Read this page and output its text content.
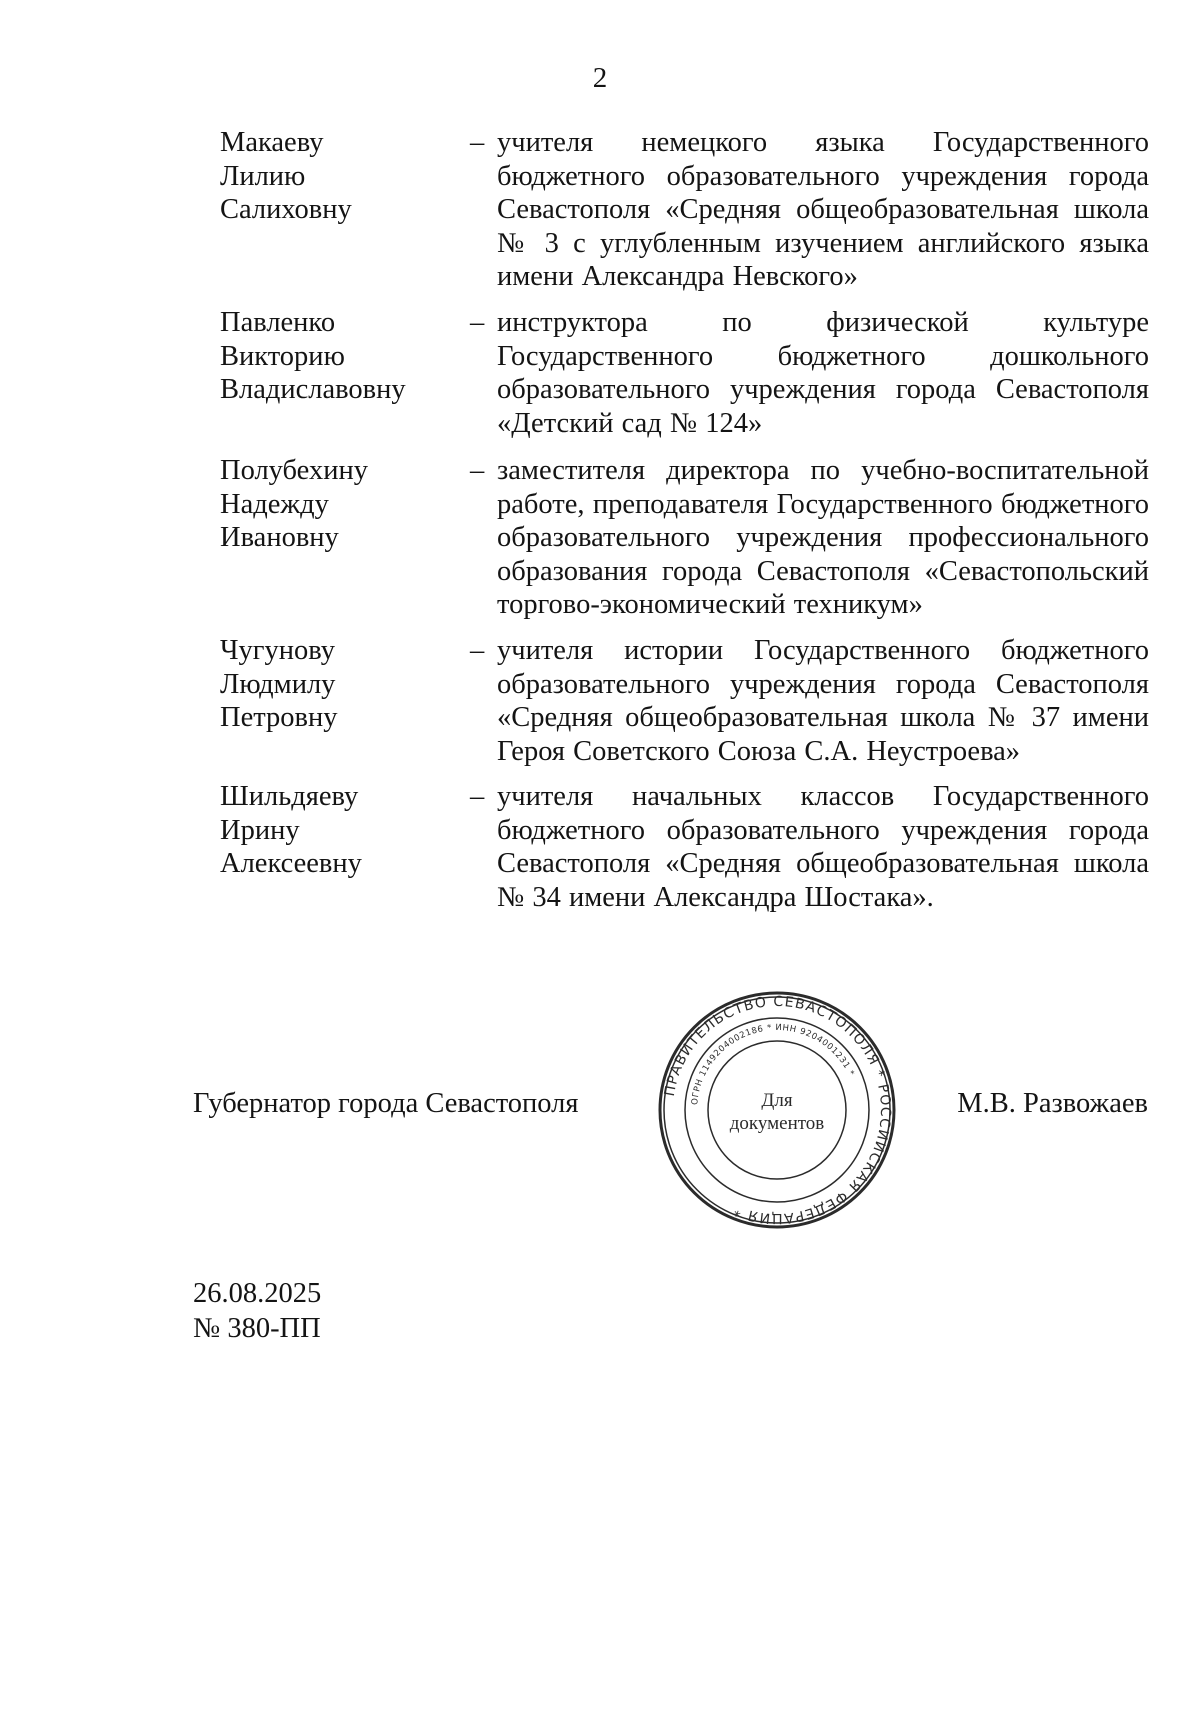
2
Макаеву
Лилию
Салиховну
– учителя немецкого языка Государственного бюджетного образовательного учреждения города Севастополя «Средняя общеобразовательная школа № 3 с углубленным изучением английского языка имени Александра Невского»
Павленко
Викторию
Владиславовну
– инструктора по физической культуре Государственного бюджетного дошкольного образовательного учреждения города Севастополя «Детский сад № 124»
Полубехину
Надежду
Ивановну
– заместителя директора по учебно-воспитательной работе, преподавателя Государственного бюджетного образовательного учреждения профессионального образования города Севастополя «Севастопольский торгово-экономический техникум»
Чугунову
Людмилу
Петровну
– учителя истории Государственного бюджетного образовательного учреждения города Севастополя «Средняя общеобразовательная школа № 37 имени Героя Советского Союза С.А. Неустроева»
Шильдяеву
Ирину
Алексеевну
– учителя начальных классов Государственного бюджетного образовательного учреждения города Севастополя «Средняя общеобразовательная школа № 34 имени Александра Шостака».
Губернатор города Севастополя	М.В. Развожаев
ПРАВИТЕЛЬСТВО СЕВАСТОПОЛЯ * РОССИЙСКАЯ ФЕДЕРАЦИЯ *
ОГРН 1149204002186 * ИНН 9204001231 *
Для
документов
26.08.2025
№ 380-ПП
